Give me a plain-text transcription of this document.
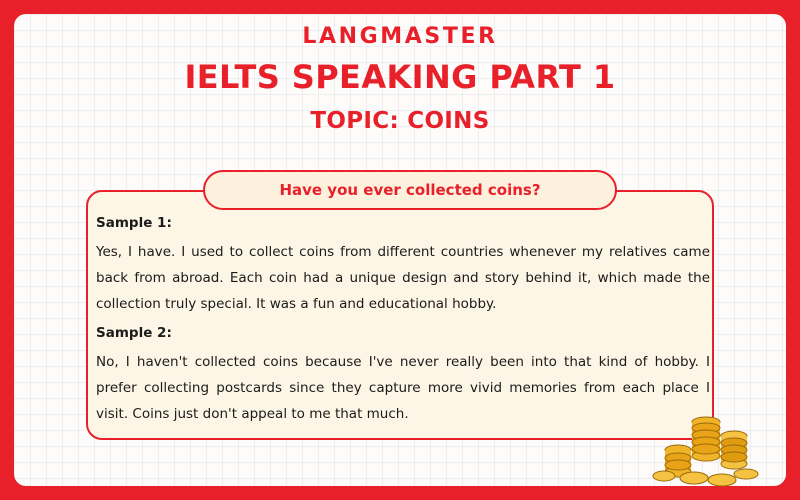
LANGMASTER
IELTS SPEAKING PART 1
TOPIC: COINS
Have you ever collected coins?

Sample 1:

Yes, I have. I used to collect coins from different countries whenever my relatives came back from abroad. Each coin had a unique design and story behind it, which made the collection truly special. It was a fun and educational hobby.

Sample 2:

No, I haven't collected coins because I've never really been into that kind of hobby. I prefer collecting postcards since they capture more vivid memories from each place I visit. Coins just don't appeal to me that much.
